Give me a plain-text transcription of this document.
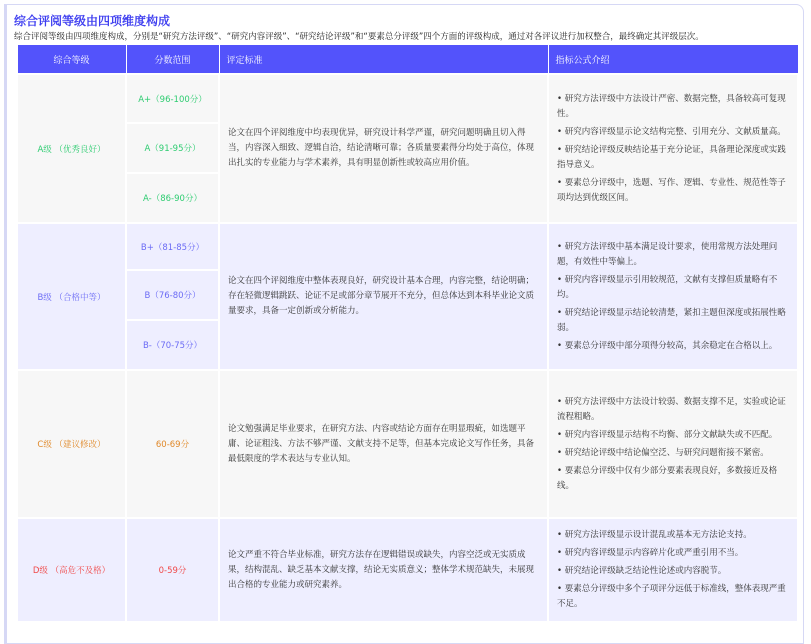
综合评阅等级由四项维度构成
综合评阅等级由四项维度构成，分别是“研究方法评级”、“研究内容评级”、“研究结论评级”和“要素总分评级”四个方面的评级构成，通过对各评议进行加权整合，最终确定其评级层次。
综合等级	分数范围	评定标准	指标公式介绍
A级 （优秀良好）	A+（96-100分）	论文在四个评阅维度中均表现优异，研究设计科学严谨，研究问题明确且切入得当，内容深入细致、逻辑自洽，结论清晰可靠；各质量要素得分均处于高位，体现出扎实的专业能力与学术素养，具有明显创新性或较高应用价值。	• 研究方法评级中方法设计严密、数据完整，具备较高可复现性。
• 研究内容评级显示论文结构完整、引用充分、文献质量高。
• 研究结论评级反映结论基于充分论证，具备理论深度或实践指导意义。
• 要素总分评级中，选题、写作、逻辑、专业性、规范性等子项均达到优级区间。

	A（91-95分）		
	A-（86-90分）		
B级 （合格中等）	B+（81-85分）	论文在四个评阅维度中整体表现良好，研究设计基本合理，内容完整，结论明确；存在轻微逻辑跳跃、论证不足或部分章节展开不充分，但总体达到本科毕业论文质量要求，具备一定创新或分析能力。	• 研究方法评级中基本满足设计要求，使用常规方法处理问题，有效性中等偏上。
• 研究内容评级显示引用较规范，文献有支撑但质量略有不均。
• 研究结论评级显示结论较清楚，紧扣主题但深度或拓展性略弱。
• 要素总分评级中部分项得分较高，其余稳定在合格以上。

	B（76-80分）		
	B-（70-75分）		
C级 （建议修改）	60-69分	论文勉强满足毕业要求，在研究方法、内容或结论方面存在明显瑕疵，如选题平庸、论证粗浅、方法不够严谨、文献支持不足等，但基本完成论文写作任务，具备最低限度的学术表达与专业认知。	• 研究方法评级中方法设计较弱、数据支撑不足，实验或论证流程粗略。
• 研究内容评级显示结构不均衡、部分文献缺失或不匹配。
• 研究结论评级中结论偏空泛、与研究问题衔接不紧密。
• 要素总分评级中仅有少部分要素表现良好，多数接近及格线。

D级 （高危不及格）	0-59分	论文严重不符合毕业标准，研究方法存在逻辑错误或缺失，内容空泛或无实质成果，结构混乱、缺乏基本文献支撑，结论无实质意义；整体学术规范缺失，未展现出合格的专业能力或研究素养。	• 研究方法评级显示设计混乱或基本无方法论支持。
• 研究内容评级显示内容碎片化或严重引用不当。
• 研究结论评级缺乏结论性论述或内容脱节。
• 要素总分评级中多个子项评分远低于标准线，整体表现严重不足。
